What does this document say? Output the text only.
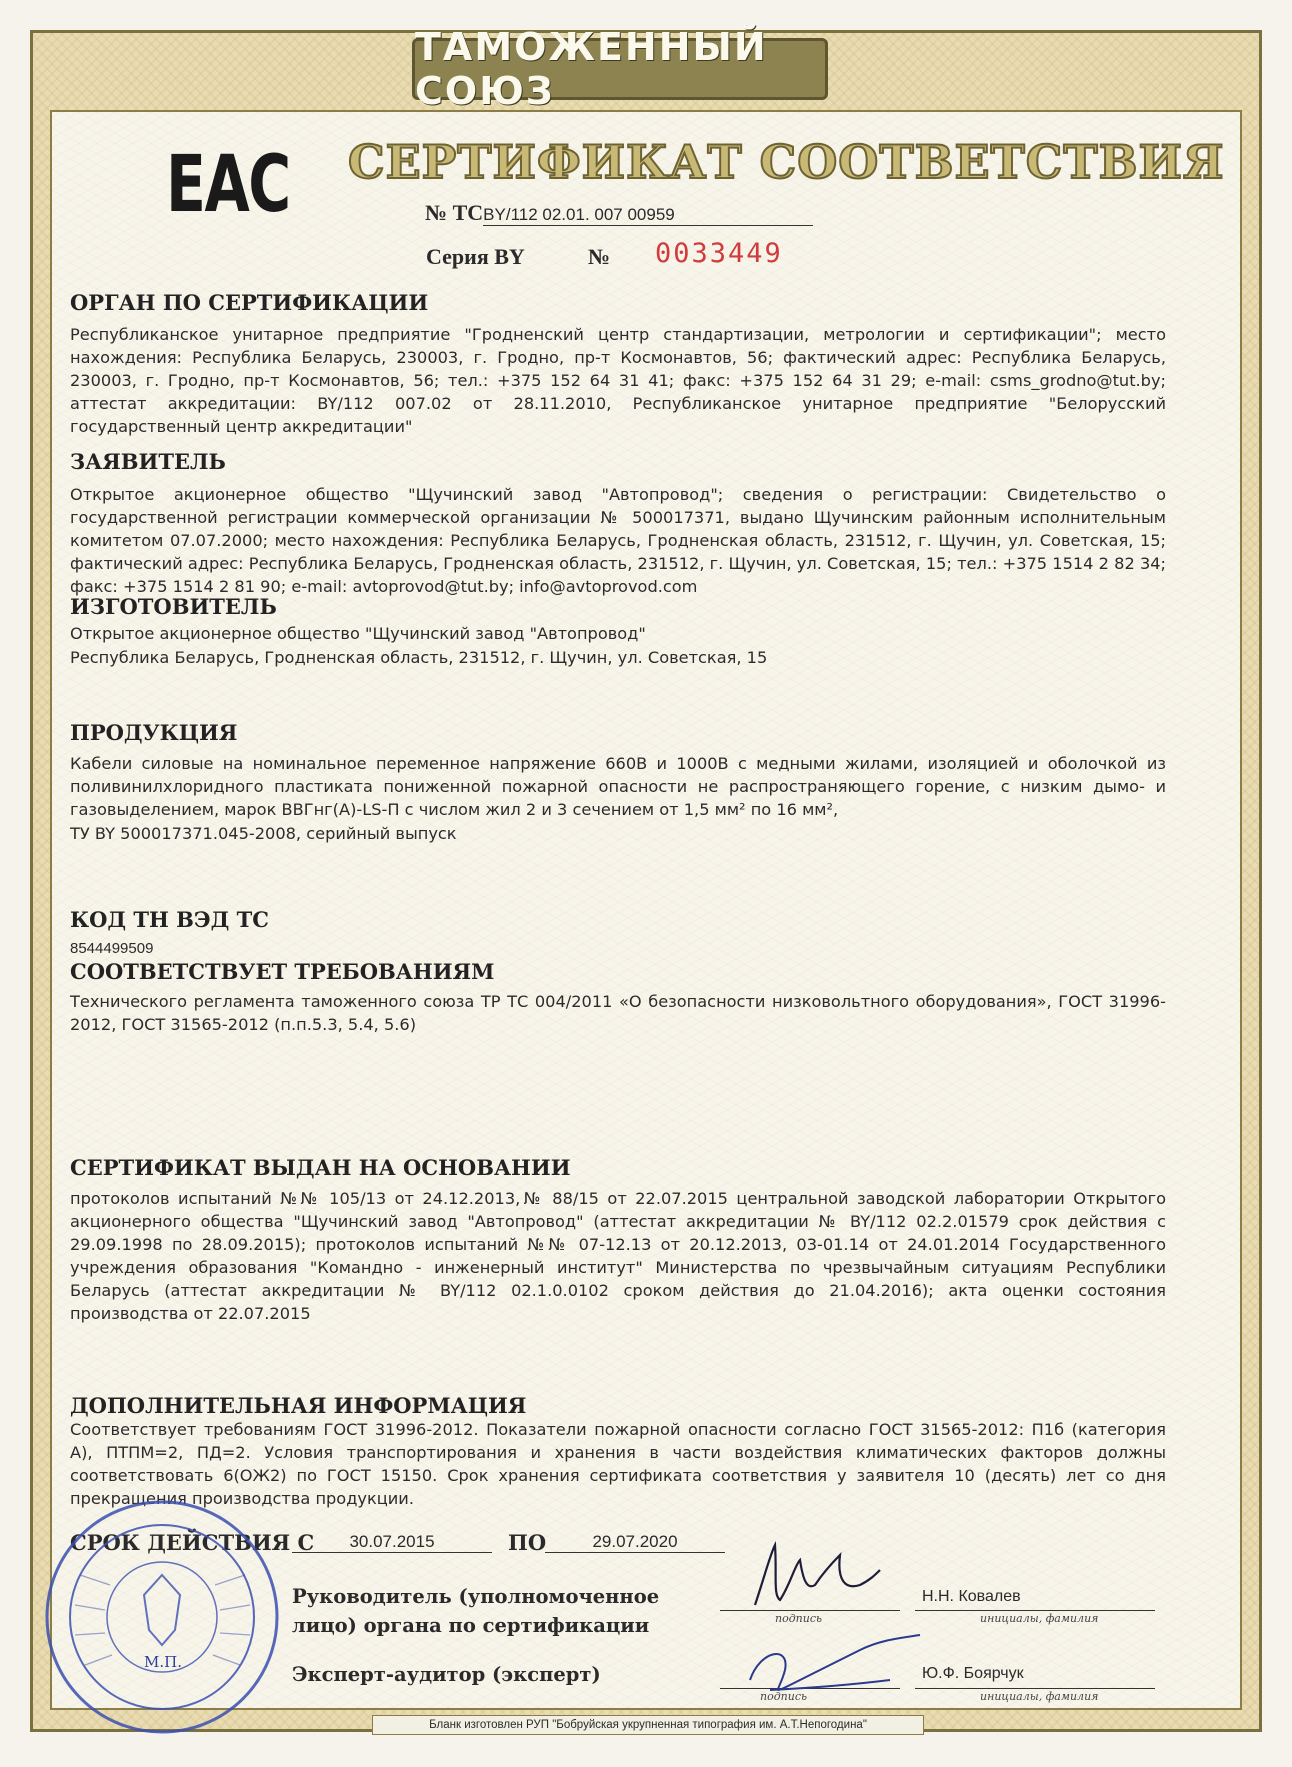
ТАМОЖЕННЫЙ СОЮЗ
EAC СЕРТИФИКАТ СООТВЕТСТВИЯ
№ ТСBY/112 02.01. 007 00959
Серия BY	№ 0033449
ОРГАН ПО СЕРТИФИКАЦИИ
Республиканское унитарное предприятие "Гродненский центр стандартизации, метрологии и сертификации"; место нахождения: Республика Беларусь, 230003, г. Гродно, пр-т Космонавтов, 56; фактический адрес: Республика Беларусь, 230003, г. Гродно, пр-т Космонавтов, 56; тел.: +375 152 64 31 41; факс: +375 152 64 31 29; e-mail: csms_grodno@tut.by; аттестат аккредитации: BY/112 007.02 от 28.11.2010, Республиканское унитарное предприятие "Белорусский государственный центр аккредитации"
ЗАЯВИТЕЛЬ
Открытое акционерное общество "Щучинский завод "Автопровод"; сведения о регистрации: Свидетельство о государственной регистрации коммерческой организации № 500017371, выдано Щучинским районным исполнительным комитетом 07.07.2000; место нахождения: Республика Беларусь, Гродненская область, 231512, г. Щучин, ул. Советская, 15; фактический адрес: Республика Беларусь, Гродненская область, 231512, г. Щучин, ул. Советская, 15; тел.: +375 1514 2 82 34; факс: +375 1514 2 81 90; e-mail: avtoprovod@tut.by; info@avtoprovod.com
ИЗГОТОВИТЕЛЬ
Открытое акционерное общество "Щучинский завод "Автопровод"
Республика Беларусь, Гродненская область, 231512, г. Щучин, ул. Советская, 15
ПРОДУКЦИЯ
Кабели силовые на номинальное переменное напряжение 660В и 1000В с медными жилами, изоляцией и оболочкой из поливинилхлоридного пластиката пониженной пожарной опасности не распространяющего горение, с низким дымо- и газовыделением, марок ВВГнг(А)-LS-П с числом жил 2 и 3 сечением от 1,5 мм² по 16 мм²,
ТУ BY 500017371.045-2008, серийный выпуск
КОД ТН ВЭД ТС
8544499509
СООТВЕТСТВУЕТ ТРЕБОВАНИЯМ
Технического регламента таможенного союза ТР ТС 004/2011 «О безопасности низковольтного оборудования», ГОСТ 31996-2012, ГОСТ 31565-2012 (п.п.5.3, 5.4, 5.6)
СЕРТИФИКАТ ВЫДАН НА ОСНОВАНИИ
протоколов испытаний №№ 105/13 от 24.12.2013,№ 88/15 от 22.07.2015 центральной заводской лаборатории Открытого акционерного общества "Щучинский завод "Автопровод" (аттестат аккредитации № BY/112 02.2.01579 срок действия с 29.09.1998 по 28.09.2015); протоколов испытаний №№ 07-12.13 от 20.12.2013, 03-01.14 от 24.01.2014 Государственного учреждения образования "Командно - инженерный институт" Министерства по чрезвычайным ситуациям Республики Беларусь (аттестат аккредитации № BY/112 02.1.0.0102 сроком действия до 21.04.2016); акта оценки состояния производства от 22.07.2015
ДОПОЛНИТЕЛЬНАЯ ИНФОРМАЦИЯ
Соответствует требованиям ГОСТ 31996-2012. Показатели пожарной опасности согласно ГОСТ 31565-2012: П1б (категория А), ПТПМ=2, ПД=2. Условия транспортирования и хранения в части воздействия климатических факторов должны соответствовать 6(ОЖ2) по ГОСТ 15150. Срок хранения сертификата соответствия у заявителя 10 (десять) лет со дня прекращения производства продукции.
СРОК ДЕЙСТВИЯ С	30.07.2015	ПО	29.07.2020
Руководитель (уполномоченное
лицо) органа по сертификации	подпись
Н.Н. Ковалев
инициалы, фамилия
Эксперт-аудитор (эксперт)
подпись
Ю.Ф. Боярчук
инициалы, фамилия
М.П.
Бланк изготовлен РУП "Бобруйская укрупненная типография им. А.Т.Непогодина"
